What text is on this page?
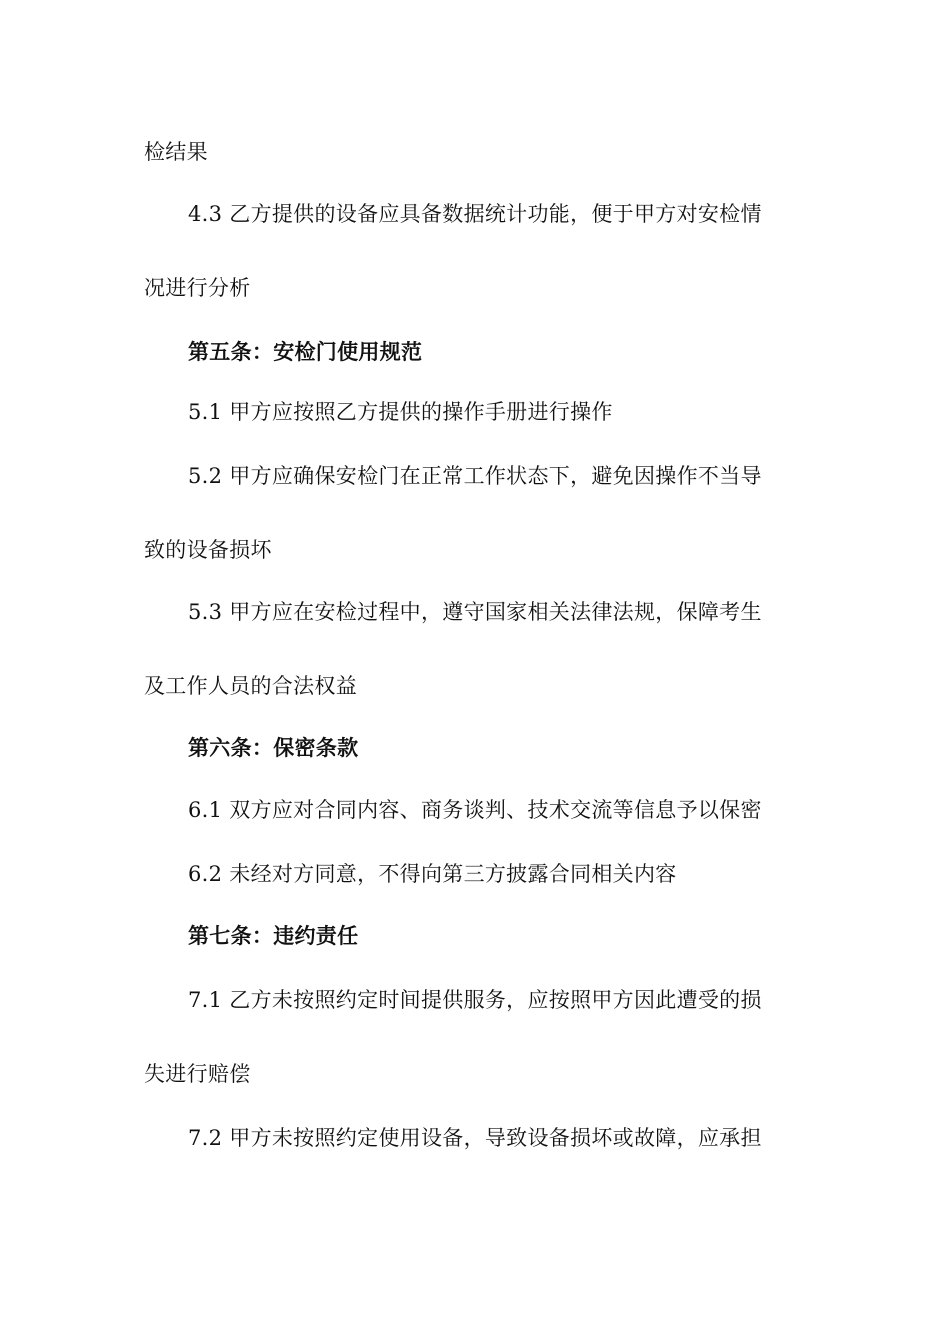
检结果
4.3 乙方提供的设备应具备数据统计功能，便于甲方对安检情
况进行分析
第五条：安检门使用规范
5.1 甲方应按照乙方提供的操作手册进行操作
5.2 甲方应确保安检门在正常工作状态下，避免因操作不当导
致的设备损坏
5.3 甲方应在安检过程中，遵守国家相关法律法规，保障考生
及工作人员的合法权益
第六条：保密条款
6.1 双方应对合同内容、商务谈判、技术交流等信息予以保密
6.2 未经对方同意，不得向第三方披露合同相关内容
第七条：违约责任
7.1 乙方未按照约定时间提供服务，应按照甲方因此遭受的损
失进行赔偿
7.2 甲方未按照约定使用设备，导致设备损坏或故障，应承担
